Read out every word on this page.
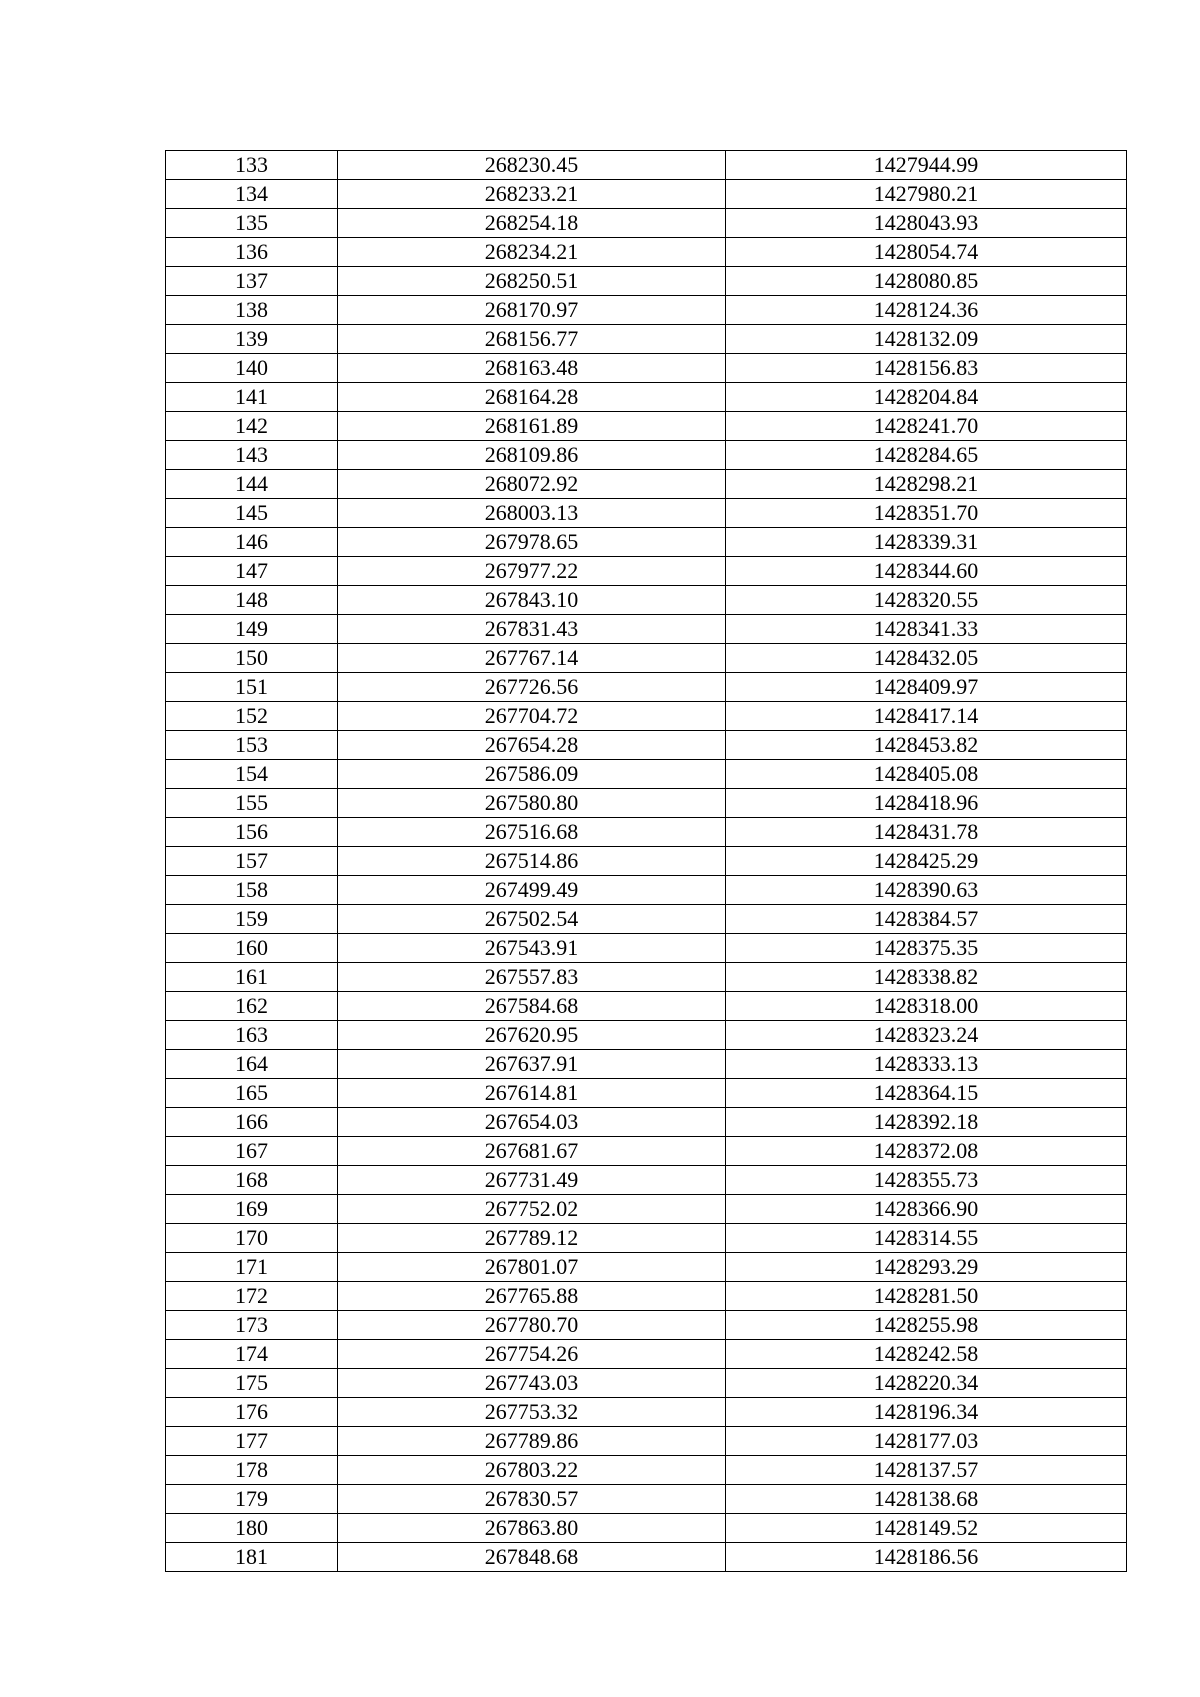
133	268230.45	1427944.99
134	268233.21	1427980.21
135	268254.18	1428043.93
136	268234.21	1428054.74
137	268250.51	1428080.85
138	268170.97	1428124.36
139	268156.77	1428132.09
140	268163.48	1428156.83
141	268164.28	1428204.84
142	268161.89	1428241.70
143	268109.86	1428284.65
144	268072.92	1428298.21
145	268003.13	1428351.70
146	267978.65	1428339.31
147	267977.22	1428344.60
148	267843.10	1428320.55
149	267831.43	1428341.33
150	267767.14	1428432.05
151	267726.56	1428409.97
152	267704.72	1428417.14
153	267654.28	1428453.82
154	267586.09	1428405.08
155	267580.80	1428418.96
156	267516.68	1428431.78
157	267514.86	1428425.29
158	267499.49	1428390.63
159	267502.54	1428384.57
160	267543.91	1428375.35
161	267557.83	1428338.82
162	267584.68	1428318.00
163	267620.95	1428323.24
164	267637.91	1428333.13
165	267614.81	1428364.15
166	267654.03	1428392.18
167	267681.67	1428372.08
168	267731.49	1428355.73
169	267752.02	1428366.90
170	267789.12	1428314.55
171	267801.07	1428293.29
172	267765.88	1428281.50
173	267780.70	1428255.98
174	267754.26	1428242.58
175	267743.03	1428220.34
176	267753.32	1428196.34
177	267789.86	1428177.03
178	267803.22	1428137.57
179	267830.57	1428138.68
180	267863.80	1428149.52
181	267848.68	1428186.56
